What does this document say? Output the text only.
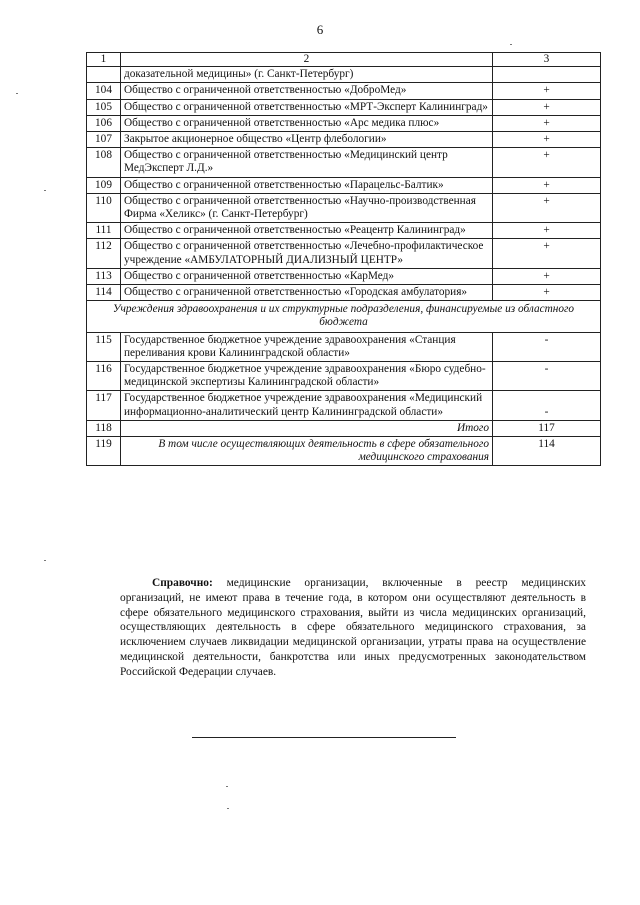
6
1	2	3
	доказательной медицины» (г. Санкт-Петербург)	
104	Общество с ограниченной ответственностью «ДоброМед»	+
105	Общество с ограниченной ответственностью «МРТ-Эксперт Калининград»	+
106	Общество с ограниченной ответственностью «Арс медика плюс»	+
107	Закрытое акционерное общество «Центр флебологии»	+
108	Общество с ограниченной ответственностью «Медицинский центр МедЭксперт Л.Д.»	+
109	Общество с ограниченной ответственностью «Парацельс-Балтик»	+
110	Общество с ограниченной ответственностью «Научно-производственная Фирма «Хеликс» (г. Санкт-Петербург)	+
111	Общество с ограниченной ответственностью «Реацентр Калининград»	+
112	Общество с ограниченной ответственностью «Лечебно-профилактическое учреждение «АМБУЛАТОРНЫЙ ДИАЛИЗНЫЙ ЦЕНТР»	+
113	Общество с ограниченной ответственностью «КарМед»	+
114	Общество с ограниченной ответственностью «Городская амбулатория»	+
Учреждения здравоохранения и их структурные подразделения, финансируемые из областного бюджета		
115	Государственное бюджетное учреждение здравоохранения «Станция переливания крови Калининградской области»	-
116	Государственное бюджетное учреждение здравоохранения «Бюро судебно-медицинской экспертизы Калининградской области»	-
117	Государственное бюджетное учреждение здравоохранения «Медицинский информационно-аналитический центр Калининградской области»	-
118	Итого	117
119	В том числе осуществляющих деятельность в сфере обязательного медицинского страхования	114

Справочно: медицинские организации, включенные в реестр медицинских организаций, не имеют права в течение года, в котором они осуществляют деятельность в сфере обязательного медицинского страхования, выйти из числа медицинских организаций, осуществляющих деятельность в сфере обязательного медицинского страхования, за исключением случаев ликвидации медицинской организации, утраты права на осуществление медицинской деятельности, банкротства или иных предусмотренных законодательством Российской Федерации случаев.
